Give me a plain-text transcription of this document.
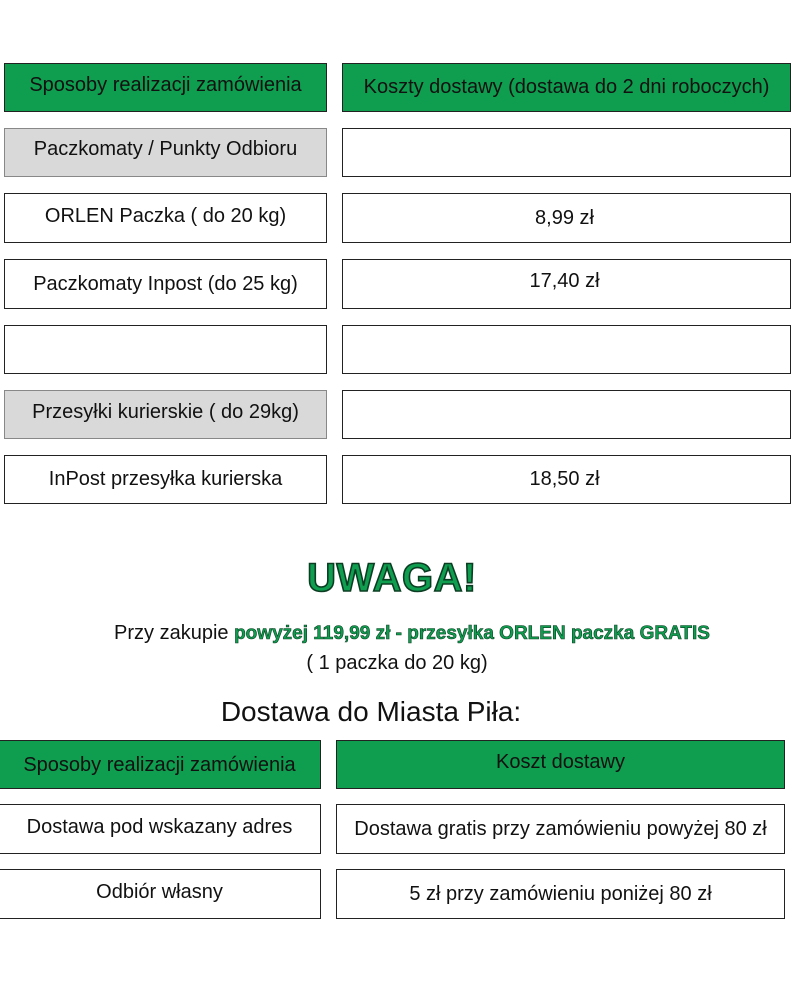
Sposoby realizacji zamówienia	Koszty dostawy (dostawa do 2 dni roboczych)
Paczkomaty / Punkty Odbioru
ORLEN Paczka ( do 20 kg)	8,99 zł
Paczkomaty Inpost (do 25 kg)	17,40 zł
Przesyłki kurierskie ( do 29kg)
InPost przesyłka kurierska	18,50 zł
UWAGA!
Przy zakupie powyżej 119,99 zł - przesyłka ORLEN paczka GRATIS
( 1 paczka do 20 kg)
Dostawa do Miasta Piła:
Sposoby realizacji zamówienia	Koszt dostawy
Dostawa pod wskazany adres	Dostawa gratis przy zamówieniu powyżej 80 zł
Odbiór własny	5 zł przy zamówieniu poniżej 80 zł
